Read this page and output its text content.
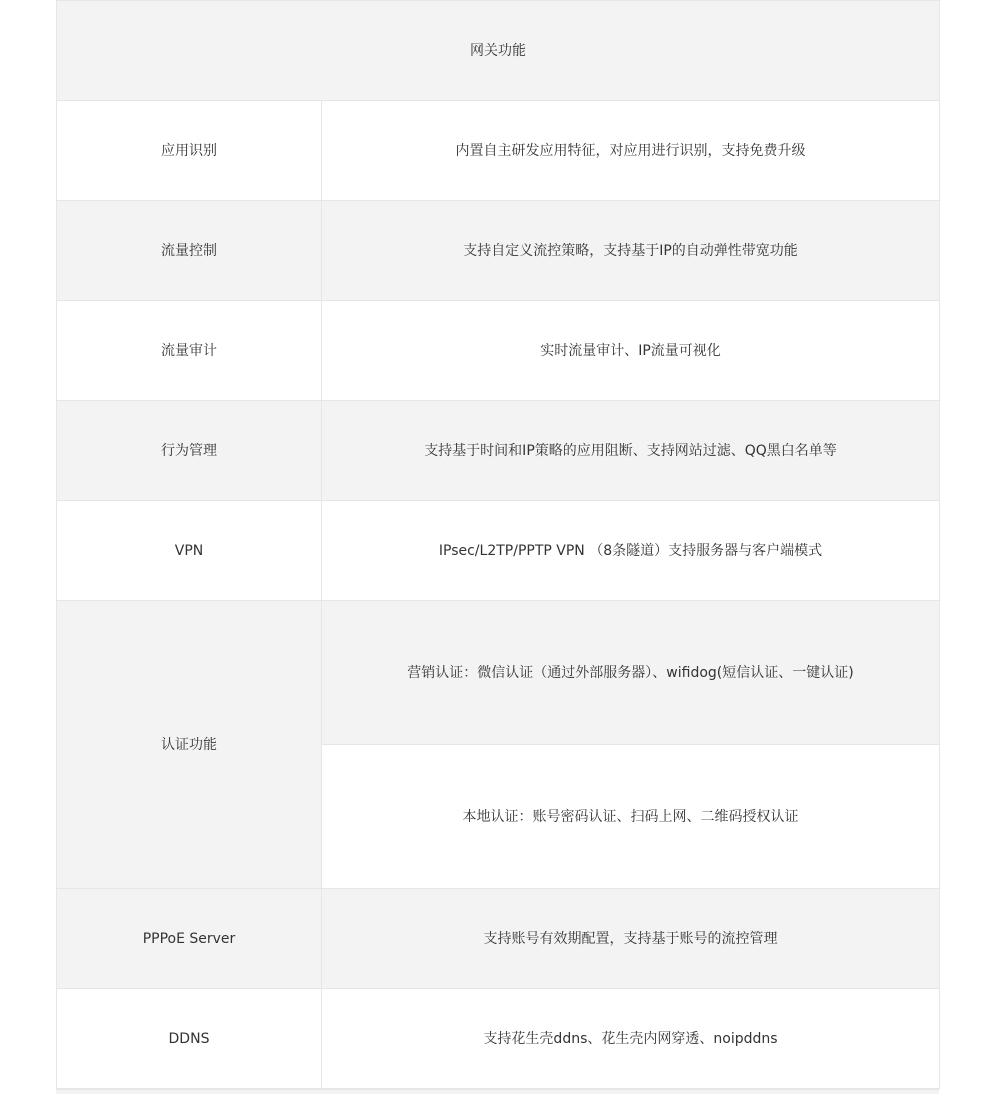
网关功能	
应用识别	内置自主研发应用特征，对应用进行识别，支持免费升级
流量控制	支持自定义流控策略，支持基于IP的自动弹性带宽功能
流量审计	实时流量审计、IP流量可视化
行为管理	支持基于时间和IP策略的应用阻断、支持网站过滤、QQ黑白名单等
VPN	IPsec/L2TP/PPTP VPN （8条隧道）支持服务器与客户端模式
认证功能	营销认证：微信认证（通过外部服务器）、wifidog(短信认证、一键认证)
	本地认证：账号密码认证、扫码上网、二维码授权认证
PPPoE Server	支持账号有效期配置，支持基于账号的流控管理
DDNS	支持花生壳ddns、花生壳内网穿透、noipddns
